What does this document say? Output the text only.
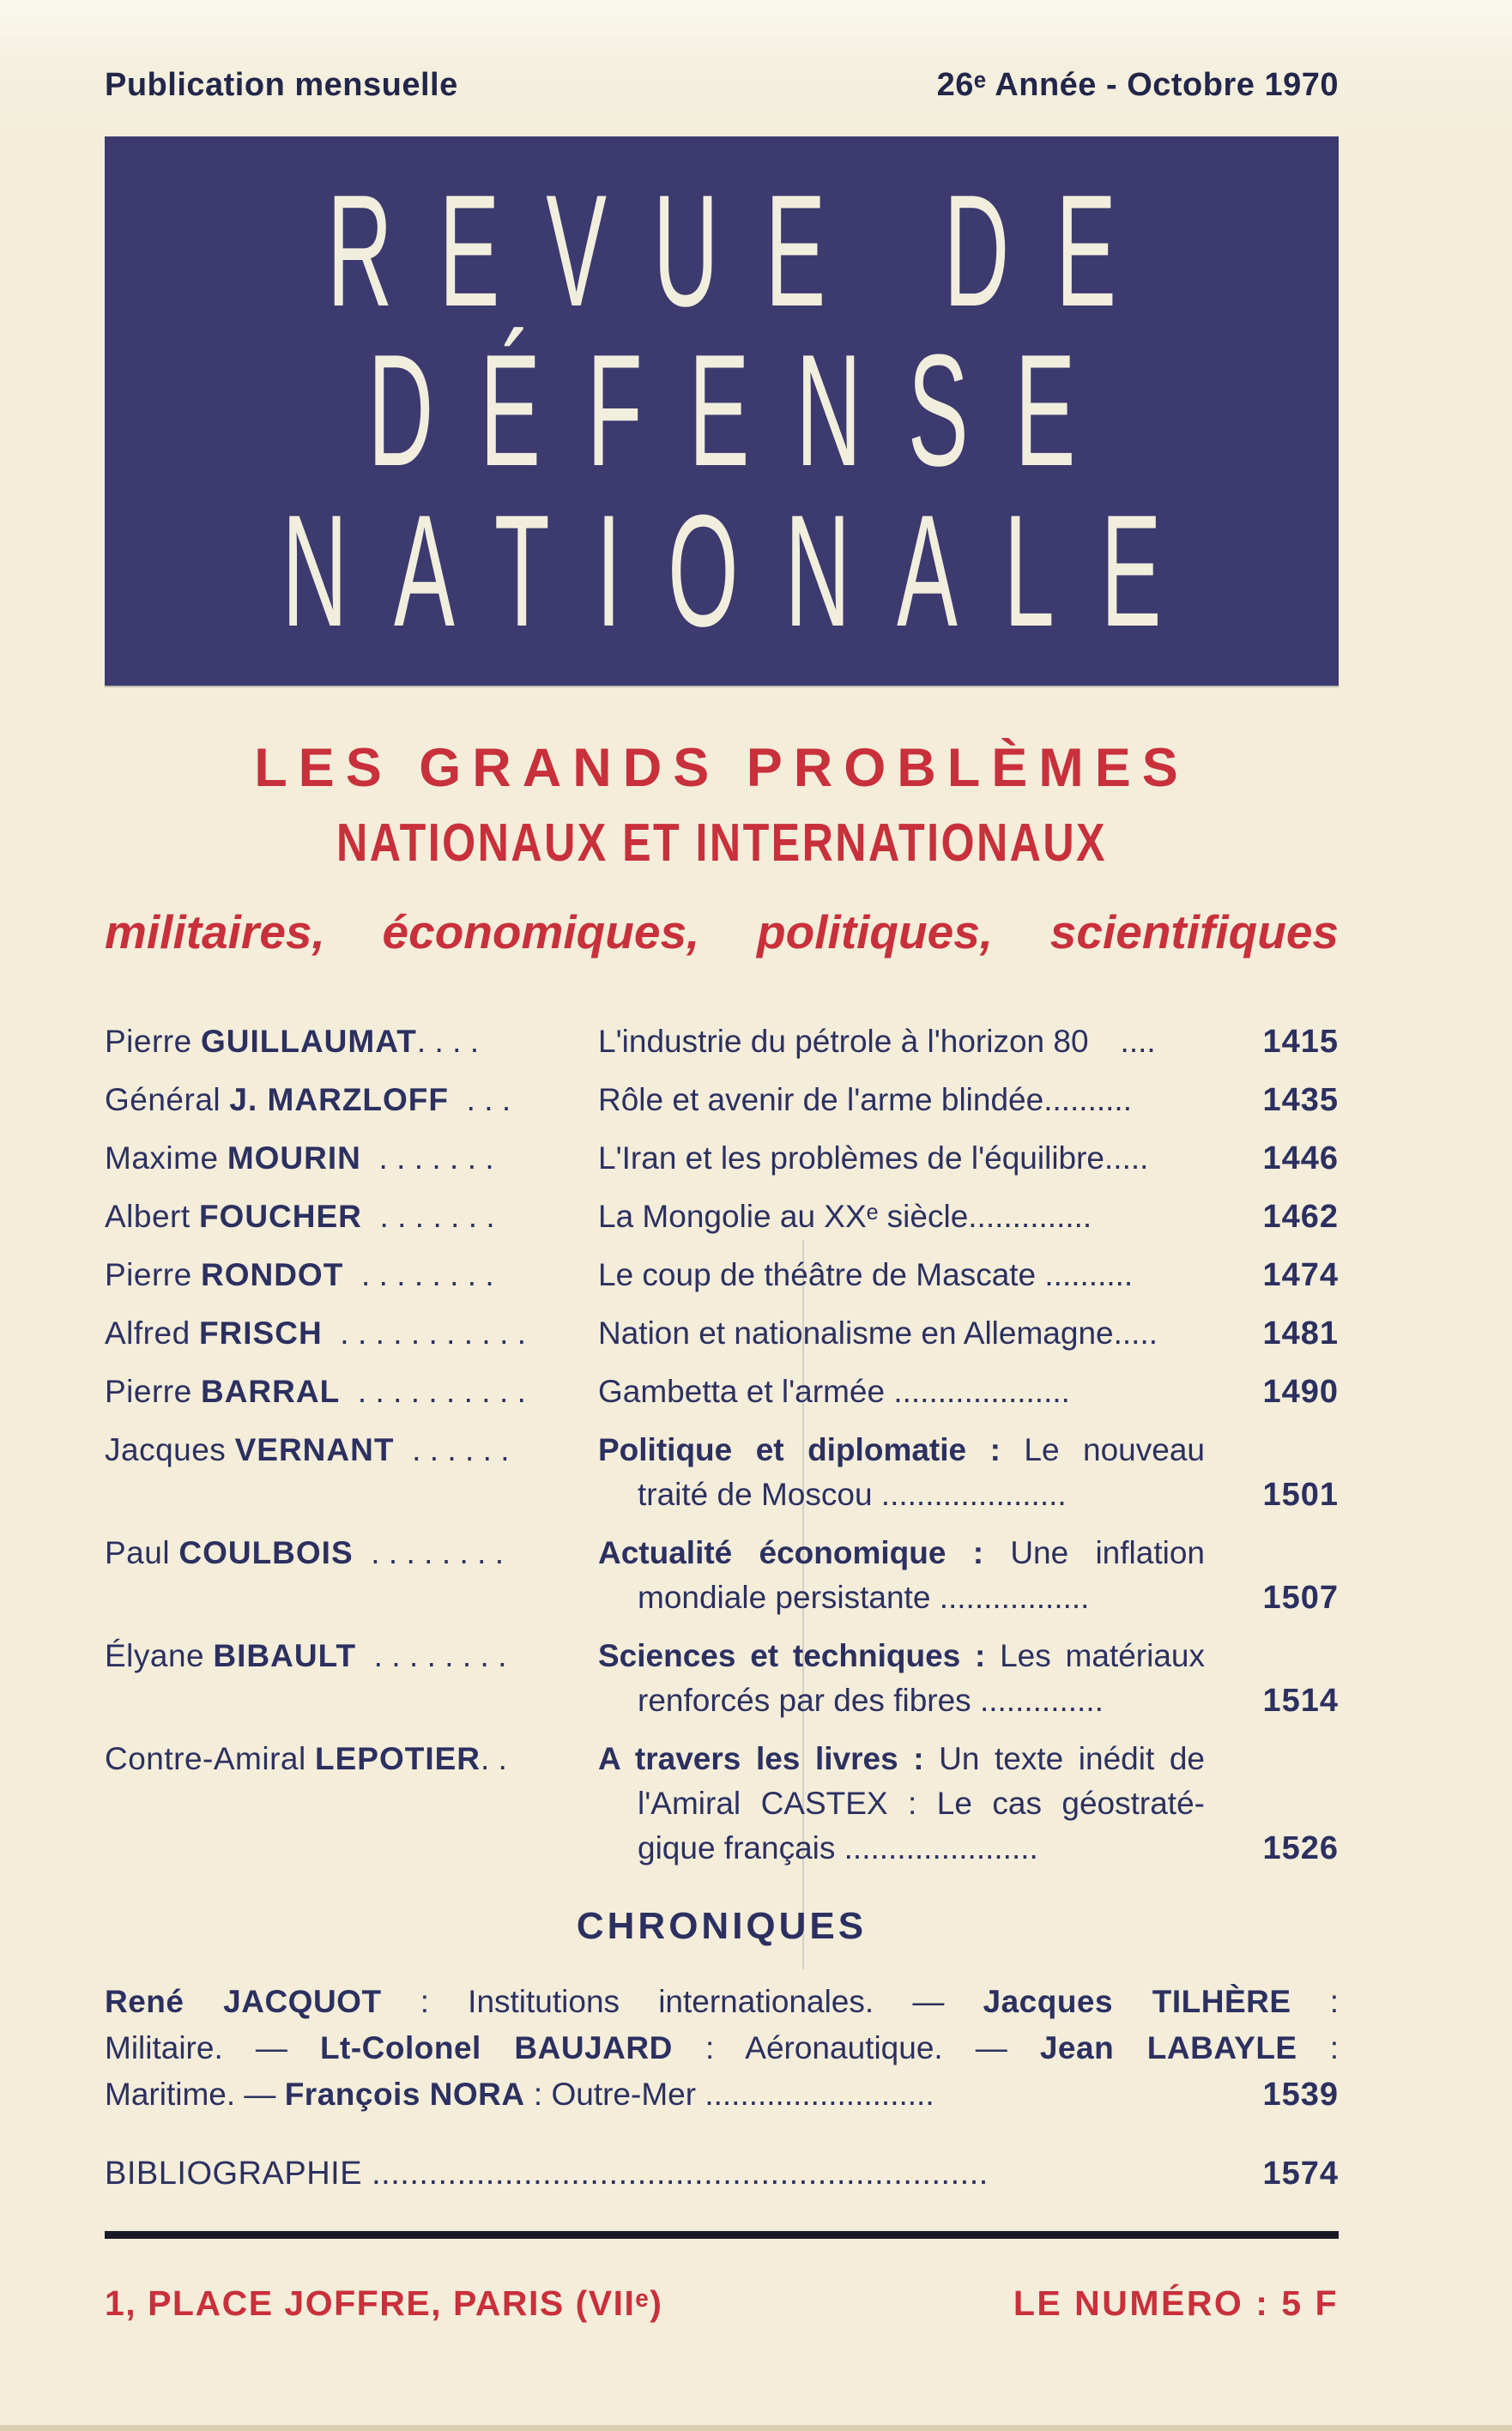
Publication mensuelle	26ᵉ Année - Octobre 1970
REVUE DE
DÉFENSE
NATIONALE
LES GRANDS PROBLÈMES
NATIONAUX ET INTERNATIONAUX
militaires, économiques, politiques, scientifiques
Pierre GUILLAUMAT....	L'industrie du pétrole à l'horizon 80  ....	1415
Général J. MARZLOFF ...	Rôle et avenir de l'arme blindée..........	1435
Maxime MOURIN .......	L'Iran et les problèmes de l'équilibre.....	1446
Albert FOUCHER .......	La Mongolie au XXᵉ siècle..............	1462
Pierre RONDOT ........	Le coup de théâtre de Mascate ..........	1474
Alfred FRISCH ...........	Nation et nationalisme en Allemagne.....	1481
Pierre BARRAL ..........	Gambetta et l'armée ....................	1490
Jacques VERNANT ......	Politique et diplomatie : Le nouveau
traité de Moscou .....................	1501
Paul COULBOIS ........	Actualité économique : Une inflation
mondiale persistante .................	1507
Élyane BIBAULT ........	Sciences et techniques : Les matériaux
renforcés par des fibres ..............	1514
Contre-Amiral LEPOTIER..	A travers les livres : Un texte inédit de
l'Amiral CASTEX : Le cas géostraté-
gique français ......................	1526
CHRONIQUES
René JACQUOT : Institutions internationales. — Jacques TILHÈRE :
Militaire. — Lt-Colonel BAUJARD : Aéronautique. — Jean LABAYLE :
Maritime. — François NORA : Outre-Mer ..........................	1539
BIBLIOGRAPHIE .................................................................	1574
1, PLACE JOFFRE, PARIS (VIIᵉ)	LE NUMÉRO : 5 F
